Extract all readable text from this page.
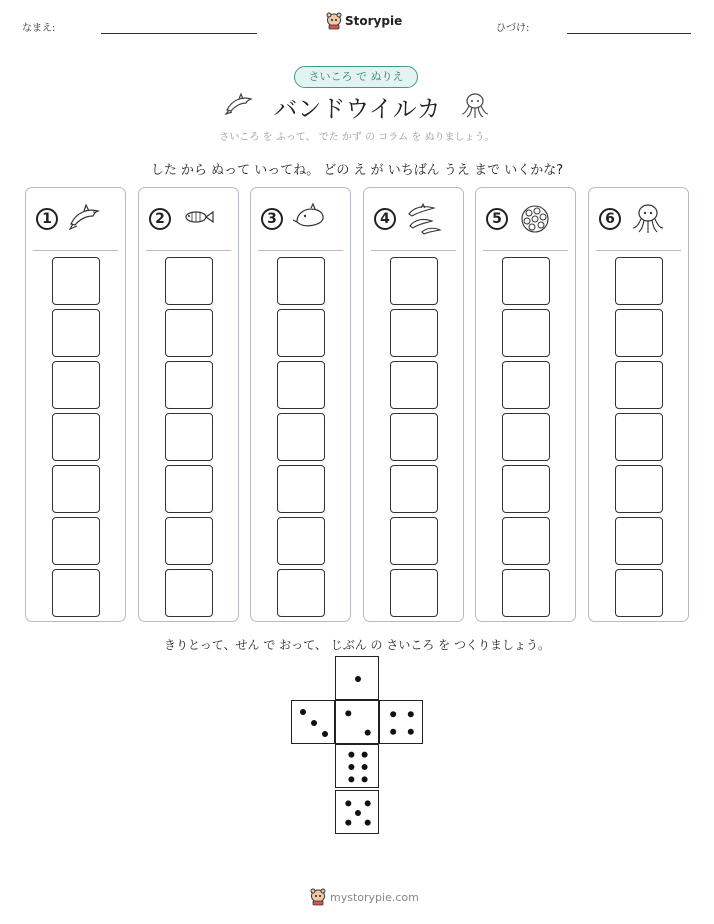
なまえ:
Storypie
ひづけ:
さいころ で ぬりえ
バンドウイルカ
さいころ を ふって、 でた かず の コラム を ぬりましょう。
した から ぬって いってね。 どの え が いちばん うえ まで いくかな?
1	2	3	4	5	6
きりとって、せん で おって、 じぶん の さいころ を つくりましょう。
mystorypie.com
